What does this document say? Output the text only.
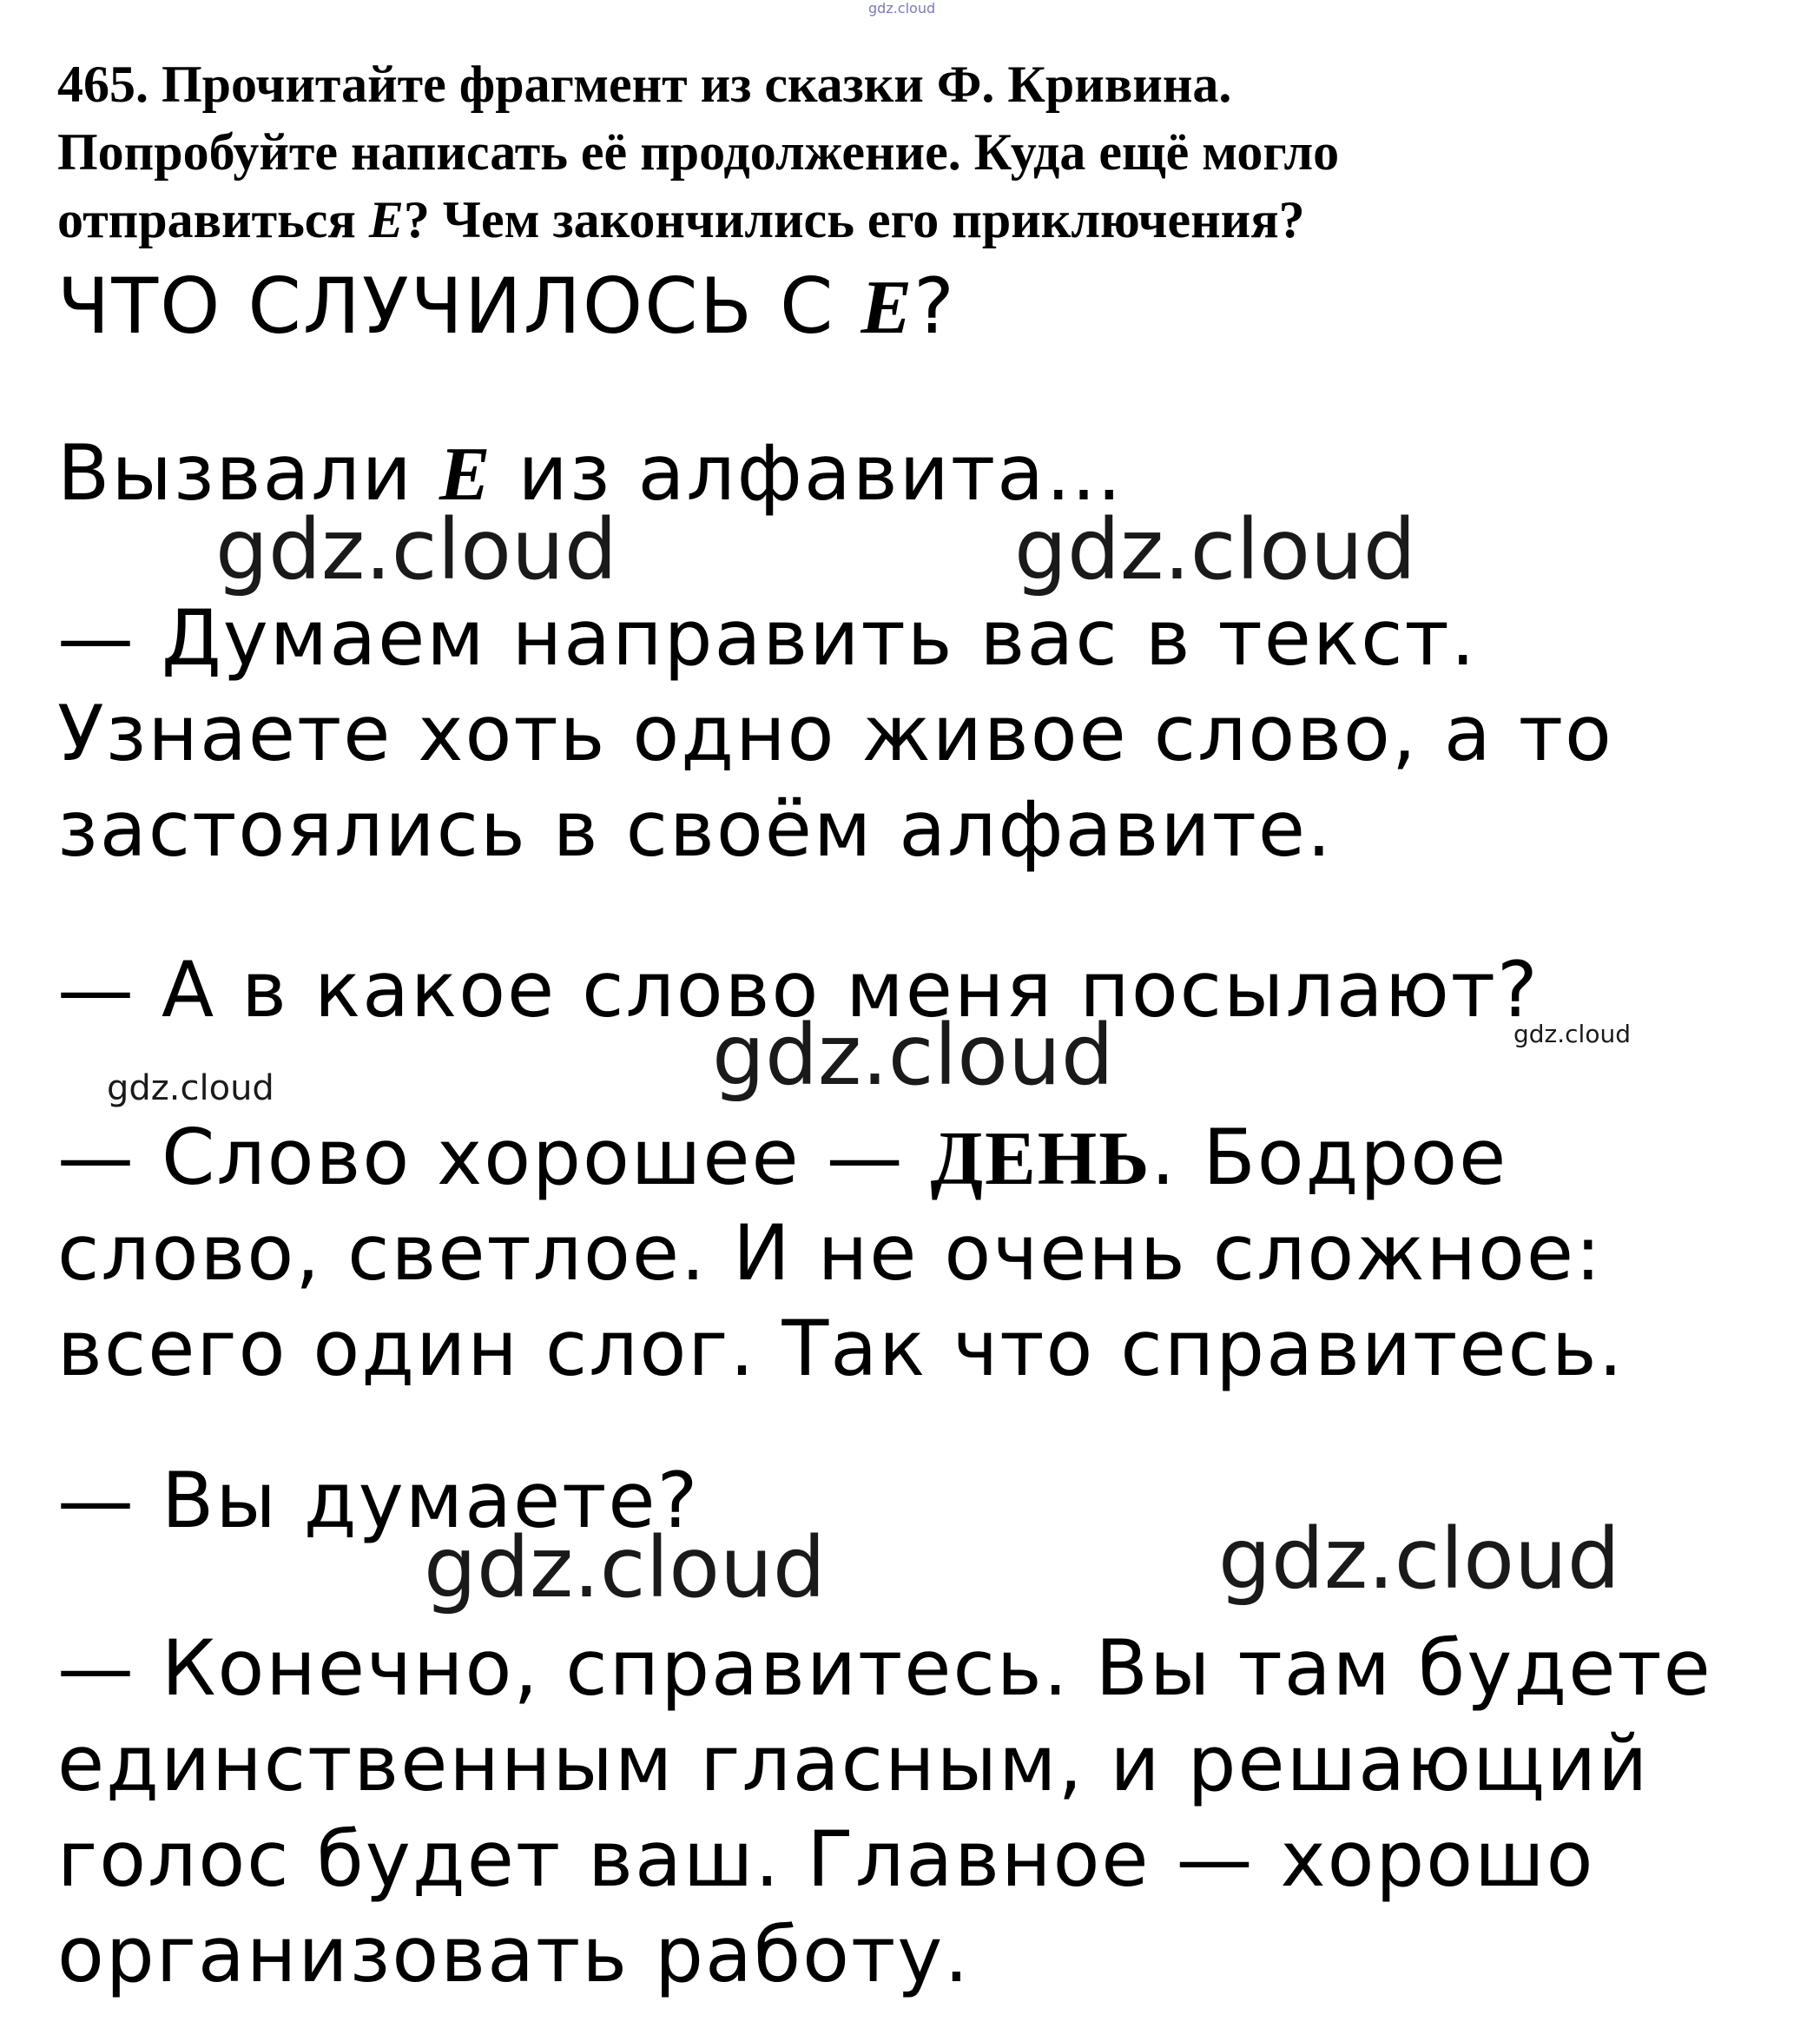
gdz.cloud
465. Прочитайте фрагмент из сказки Ф. Кривина.
Попробуйте написать её продолжение. Куда ещё могло
отправиться Е? Чем закончились его приключения?
ЧТО СЛУЧИЛОСЬ С Е?
Вызвали Е из алфавита…
gdz.cloud	gdz.cloud
— Думаем направить вас в текст.
Узнаете хоть одно живое слово, а то
застоялись в своём алфавите.
— А в какое слово меня посылают?
gdz.cloud
gdz.cloud
gdz.cloud
— Слово хорошее — ДЕНЬ. Бодрое
слово, светлое. И не очень сложное:
всего один слог. Так что справитесь.
— Вы думаете?
gdz.cloud	gdz.cloud
— Конечно, справитесь. Вы там будете
единственным гласным, и решающий
голос будет ваш. Главное — хорошо
организовать работу.
